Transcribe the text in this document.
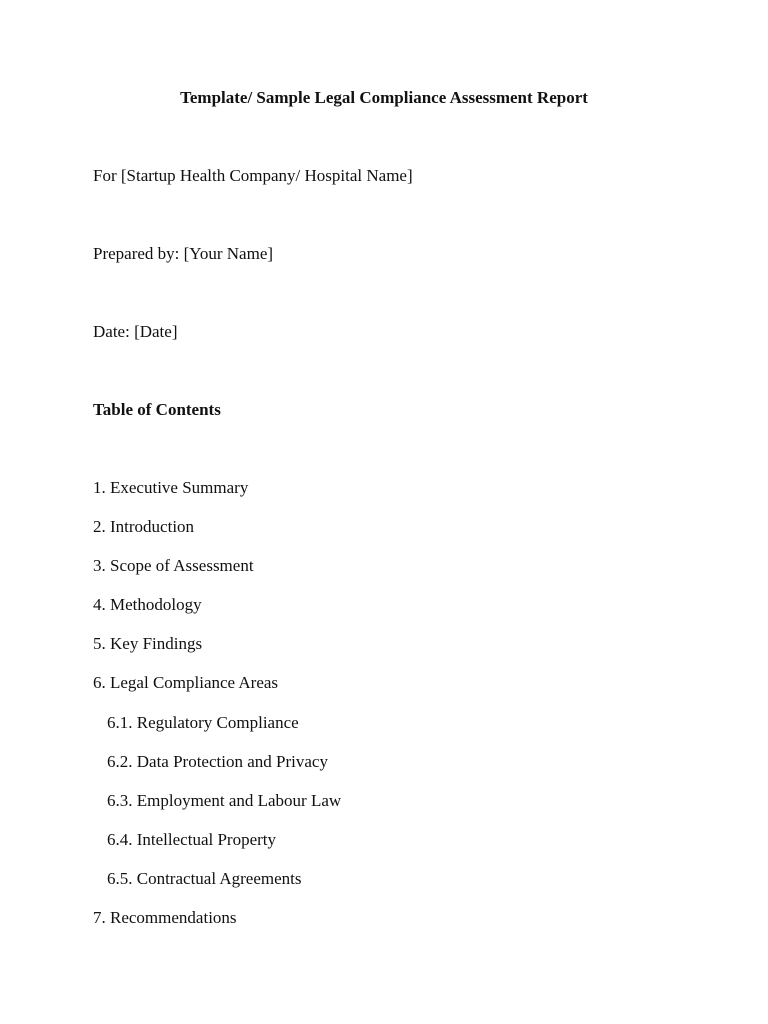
Template/ Sample Legal Compliance Assessment Report
For [Startup Health Company/ Hospital Name]
Prepared by: [Your Name]
Date: [Date]
Table of Contents
1. Executive Summary
2. Introduction
3. Scope of Assessment
4. Methodology
5. Key Findings
6. Legal Compliance Areas
6.1. Regulatory Compliance
6.2. Data Protection and Privacy
6.3. Employment and Labour Law
6.4. Intellectual Property
6.5. Contractual Agreements
7. Recommendations
